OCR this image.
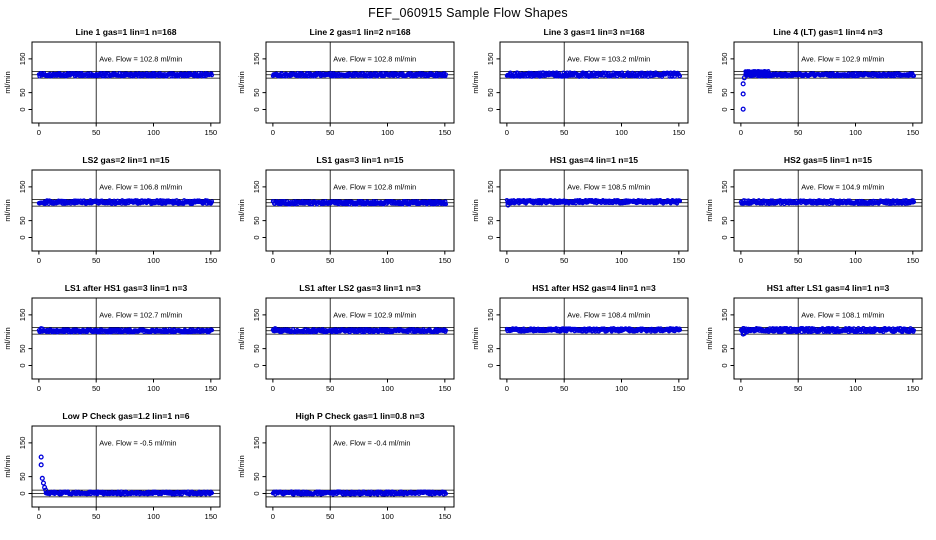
FEF_060915 Sample Flow Shapes
Line 1 gas=1 lin=1 n=168
0	50	100	150
0
50
150
ml/min
Ave. Flow = 102.8 ml/min
Line 2 gas=1 lin=2 n=168
0	50	100	150
0
50
150
ml/min
Ave. Flow = 102.8 ml/min
Line 3 gas=1 lin=3 n=168
0	50	100	150
0
50
150
ml/min
Ave. Flow = 103.2 ml/min
Line 4 (LT) gas=1 lin=4 n=3
0	50	100	150
0
50
150
ml/min
Ave. Flow = 102.9 ml/min
LS2 gas=2 lin=1 n=15
0	50	100	150
0
50
150
ml/min
Ave. Flow = 106.8 ml/min
LS1 gas=3 lin=1 n=15
0	50	100	150
0
50
150
ml/min
Ave. Flow = 102.8 ml/min
HS1 gas=4 lin=1 n=15
0	50	100	150
0
50
150
ml/min
Ave. Flow = 108.5 ml/min
HS2 gas=5 lin=1 n=15
0	50	100	150
0
50
150
ml/min
Ave. Flow = 104.9 ml/min
LS1 after HS1 gas=3 lin=1 n=3
0	50	100	150
0
50
150
ml/min
Ave. Flow = 102.7 ml/min
LS1 after LS2 gas=3 lin=1 n=3
0	50	100	150
0
50
150
ml/min
Ave. Flow = 102.9 ml/min
HS1 after HS2 gas=4 lin=1 n=3
0	50	100	150
0
50
150
ml/min
Ave. Flow = 108.4 ml/min
HS1 after LS1 gas=4 lin=1 n=3
0	50	100	150
0
50
150
ml/min
Ave. Flow = 108.1 ml/min
Low P Check gas=1.2 lin=1 n=6
0	50	100	150
0
50
150
ml/min
Ave. Flow = -0.5 ml/min
High P Check gas=1 lin=0.8 n=3
0	50	100	150
0
50
150
ml/min
Ave. Flow = -0.4 ml/min
